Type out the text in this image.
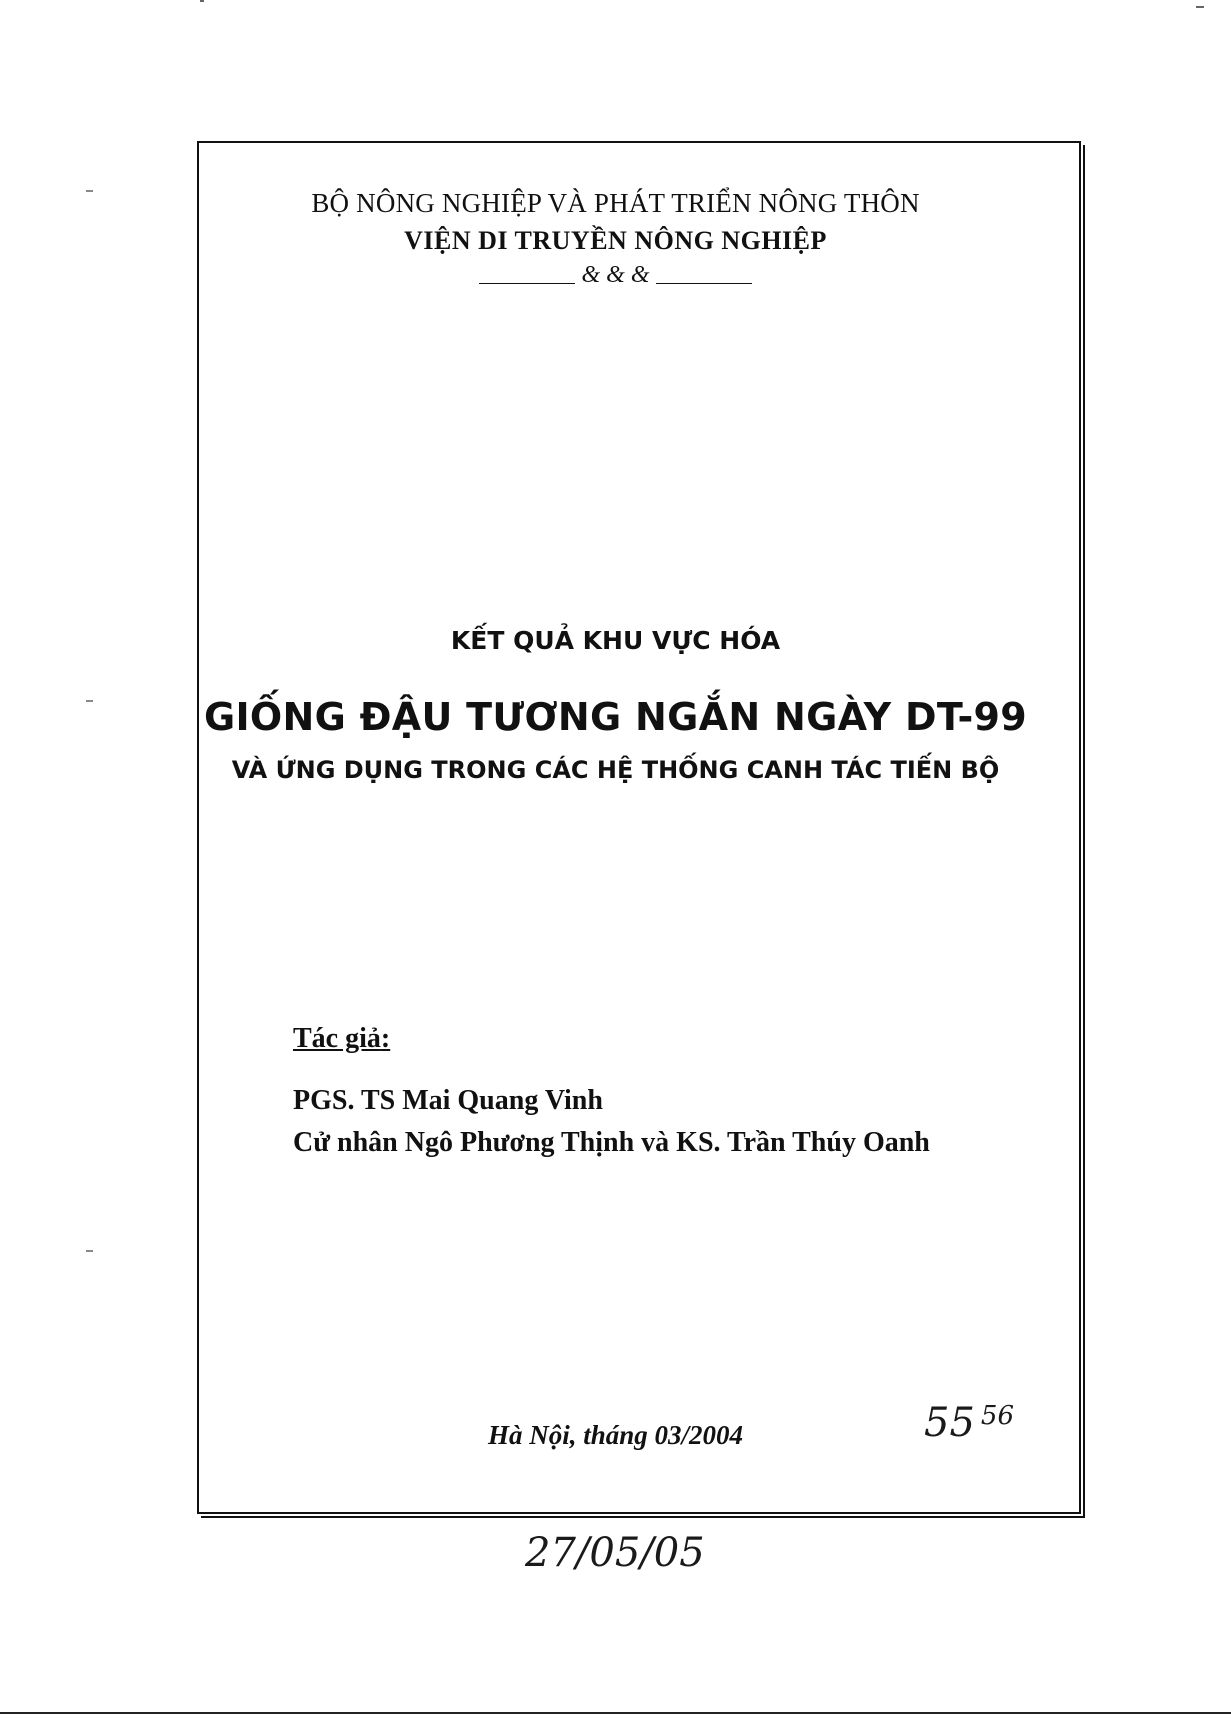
BỘ NÔNG NGHIỆP VÀ PHÁT TRIỂN NÔNG THÔN
VIỆN DI TRUYỀN NÔNG NGHIỆP
& & &
KẾT QUẢ KHU VỰC HÓA
GIỐNG ĐẬU TƯƠNG NGẮN NGÀY DT-99
VÀ ỨNG DỤNG TRONG CÁC HỆ THỐNG CANH TÁC TIẾN BỘ
Tác giả:
PGS. TS Mai Quang Vinh
Cử nhân Ngô Phương Thịnh và KS. Trần Thúy Oanh
Hà Nội, tháng 03/2004	55 $^{56}$
27/05/05
